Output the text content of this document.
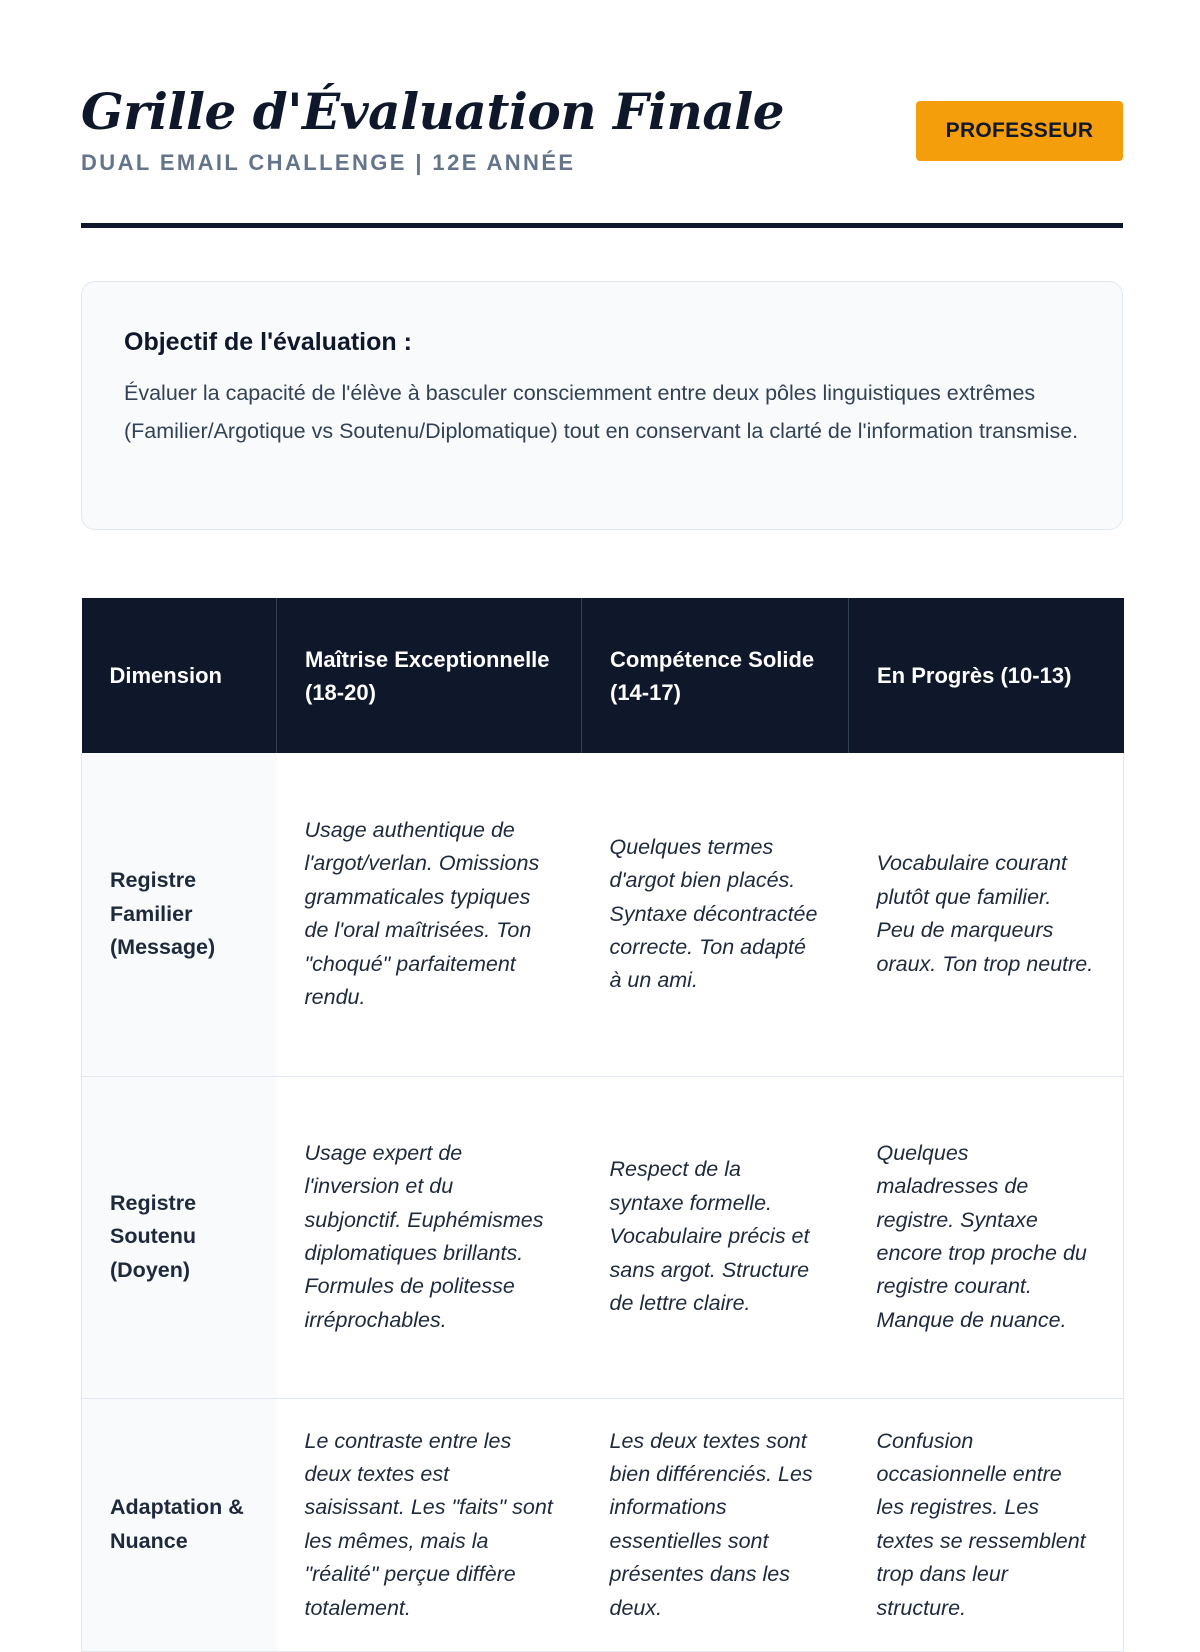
Grille d'Évaluation Finale
DUAL EMAIL CHALLENGE | 12E ANNÉE
PROFESSEUR
Objectif de l'évaluation :

Évaluer la capacité de l'élève à basculer consciemment entre deux pôles linguistiques extrêmes (Familier/Argotique vs Soutenu/Diplomatique) tout en conservant la clarté de l'information transmise.

Dimension	Maîtrise Exceptionnelle (18-20)	Compétence Solide (14-17)	En Progrès (10-13)
Registre Familier (Message)	Usage authentique de l'argot/verlan. Omissions grammaticales typiques de l'oral maîtrisées. Ton "choqué" parfaitement rendu.	Quelques termes d'argot bien placés. Syntaxe décontractée correcte. Ton adapté à un ami.	Vocabulaire courant plutôt que familier. Peu de marqueurs oraux. Ton trop neutre.
Registre Soutenu (Doyen)	Usage expert de l'inversion et du subjonctif. Euphémismes diplomatiques brillants. Formules de politesse irréprochables.	Respect de la syntaxe formelle. Vocabulaire précis et sans argot. Structure de lettre claire.	Quelques maladresses de registre. Syntaxe encore trop proche du registre courant. Manque de nuance.
Adaptation & Nuance	Le contraste entre les deux textes est saisissant. Les "faits" sont les mêmes, mais la "réalité" perçue diffère totalement.	Les deux textes sont bien différenciés. Les informations essentielles sont présentes dans les deux.	Confusion occasionnelle entre les registres. Les textes se ressemblent trop dans leur structure.
